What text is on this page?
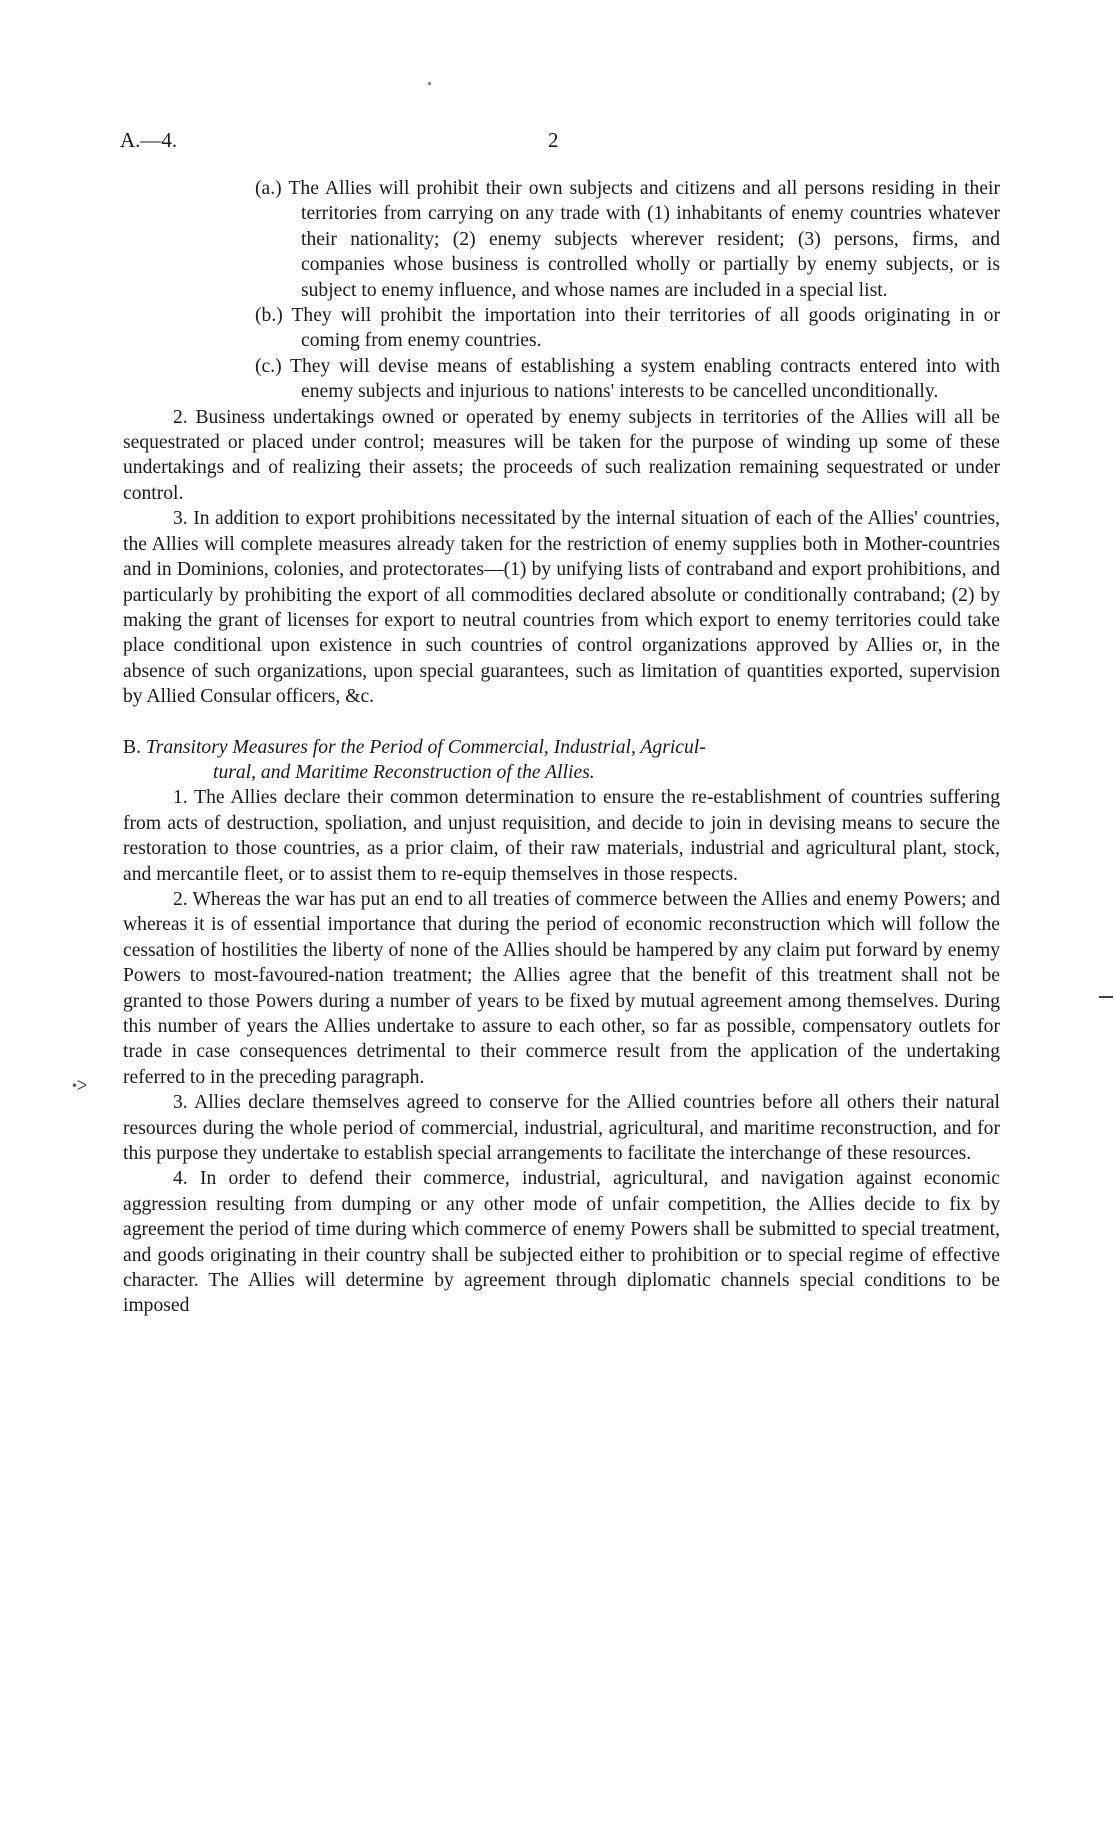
A.—4.	2

(a.) The Allies will prohibit their own subjects and citizens and all persons residing in their territories from carrying on any trade with (1) inhabitants of enemy countries whatever their nationality; (2) enemy subjects wherever resident; (3) persons, firms, and companies whose business is controlled wholly or partially by enemy subjects, or is subject to enemy influence, and whose names are included in a special list.

(b.) They will prohibit the importation into their territories of all goods originating in or coming from enemy countries.

(c.) They will devise means of establishing a system enabling contracts entered into with enemy subjects and injurious to nations' interests to be cancelled unconditionally.

2. Business undertakings owned or operated by enemy subjects in territories of the Allies will all be sequestrated or placed under control; measures will be taken for the purpose of winding up some of these undertakings and of realizing their assets; the proceeds of such realization remaining sequestrated or under control.

3. In addition to export prohibitions necessitated by the internal situation of each of the Allies' countries, the Allies will complete measures already taken for the restriction of enemy supplies both in Mother-countries and in Dominions, colonies, and protectorates—(1) by unifying lists of contraband and export prohibitions, and particularly by prohibiting the export of all commodities declared absolute or conditionally contraband; (2) by making the grant of licenses for export to neutral countries from which export to enemy territories could take place conditional upon existence in such countries of control organizations approved by Allies or, in the absence of such organizations, upon special guarantees, such as limitation of quantities exported, supervision by Allied Consular officers, &c.

B. Transitory Measures for the Period of Commercial, Industrial, Agricul-
tural, and Maritime Reconstruction of the Allies.

1. The Allies declare their common determination to ensure the re-establishment of countries suffering from acts of destruction, spoliation, and unjust requisition, and decide to join in devising means to secure the restoration to those countries, as a prior claim, of their raw materials, industrial and agricultural plant, stock, and mercantile fleet, or to assist them to re-equip themselves in those respects.

2. Whereas the war has put an end to all treaties of commerce between the Allies and enemy Powers; and whereas it is of essential importance that during the period of economic reconstruction which will follow the cessation of hostilities the liberty of none of the Allies should be hampered by any claim put forward by enemy Powers to most-favoured-nation treatment; the Allies agree that the benefit of this treatment shall not be granted to those Powers during a number of years to be fixed by mutual agreement among themselves. During this number of years the Allies undertake to assure to each other, so far as possible, compensatory outlets for trade in case consequences detrimental to their commerce result from the application of the undertaking referred to in the preceding paragraph.

3. Allies declare themselves agreed to conserve for the Allied countries before all others their natural resources during the whole period of commercial, industrial, agricultural, and maritime reconstruction, and for this purpose they undertake to establish special arrangements to facilitate the interchange of these resources.

4. In order to defend their commerce, industrial, agricultural, and navigation against economic aggression resulting from dumping or any other mode of unfair competition, the Allies decide to fix by agreement the period of time during which commerce of enemy Powers shall be submitted to special treatment, and goods originating in their country shall be subjected either to prohibition or to special regime of effective character. The Allies will determine by agreement through diplomatic channels special conditions to be imposed

•ᐳ
